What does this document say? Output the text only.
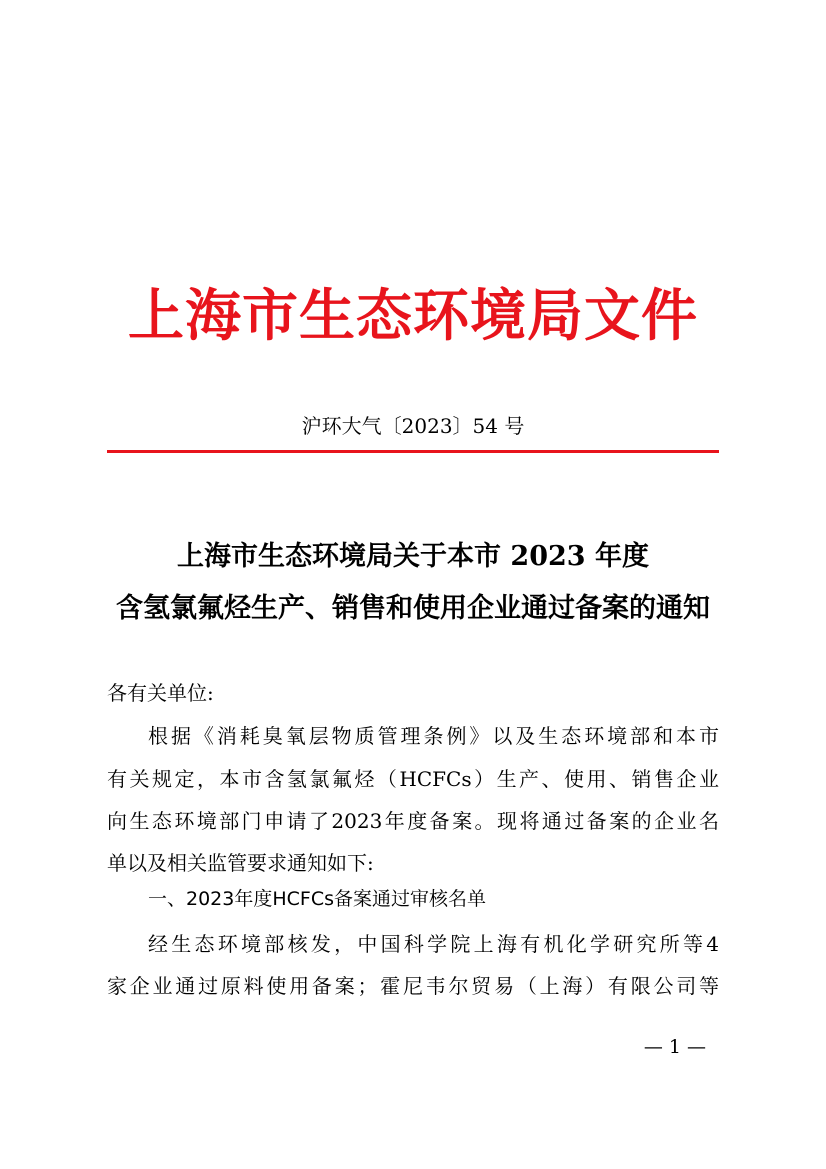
上海市生态环境局文件
沪环大气〔2023〕54 号
上海市生态环境局关于本市 2023 年度
含氢氯氟烃生产、销售和使用企业通过备案的通知
各有关单位:
根据《消耗臭氧层物质管理条例》以及生态环境部和本市
有关规定，本市含氢氯氟烃（HCFCs）生产、使用、销售企业
向生态环境部门申请了2023年度备案。现将通过备案的企业名
单以及相关监管要求通知如下:
一、2023年度HCFCs备案通过审核名单
经生态环境部核发，中国科学院上海有机化学研究所等4
家企业通过原料使用备案；霍尼韦尔贸易（上海）有限公司等
— 1 —
